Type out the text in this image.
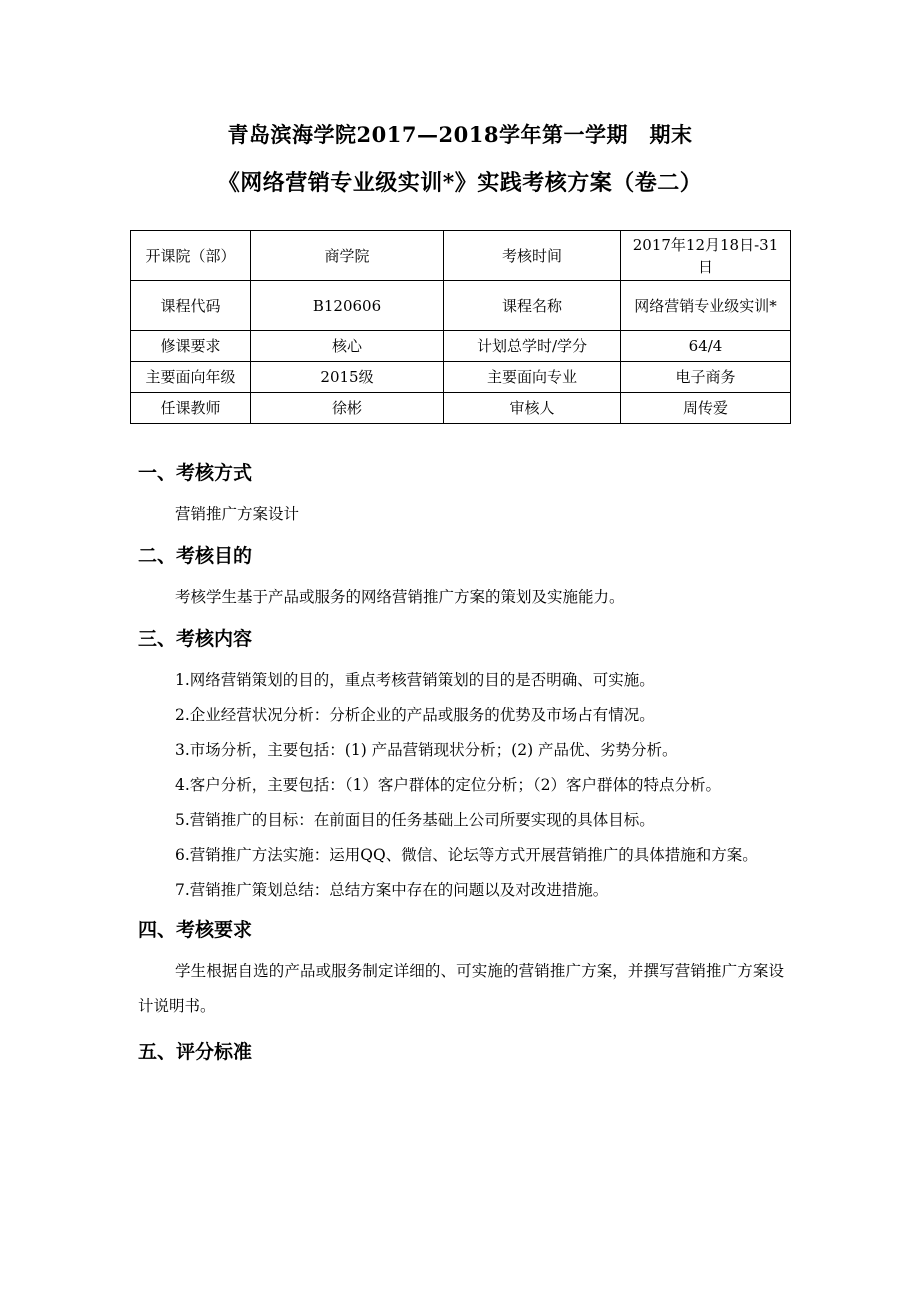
青岛滨海学院2017—2018学年第一学期　期末
《网络营销专业级实训*》实践考核方案（卷二）
开课院（部）	商学院	考核时间	2017年12月18日-31日
课程代码	B120606	课程名称	网络营销专业级实训*
修课要求	核心	计划总学时/学分	64/4
主要面向年级	2015级	主要面向专业	电子商务
任课教师	徐彬	审核人	周传爱

一、考核方式

营销推广方案设计

二、考核目的

考核学生基于产品或服务的网络营销推广方案的策划及实施能力。

三、考核内容

1.网络营销策划的目的，重点考核营销策划的目的是否明确、可实施。

2.企业经营状况分析：分析企业的产品或服务的优势及市场占有情况。

3.市场分析，主要包括：(1) 产品营销现状分析；(2) 产品优、劣势分析。

4.客户分析，主要包括：（1）客户群体的定位分析；（2）客户群体的特点分析。

5.营销推广的目标：在前面目的任务基础上公司所要实现的具体目标。

6.营销推广方法实施：运用QQ、微信、论坛等方式开展营销推广的具体措施和方案。

7.营销推广策划总结：总结方案中存在的问题以及对改进措施。

四、考核要求

学生根据自选的产品或服务制定详细的、可实施的营销推广方案，并撰写营销推广方案设计说明书。

五、评分标准
